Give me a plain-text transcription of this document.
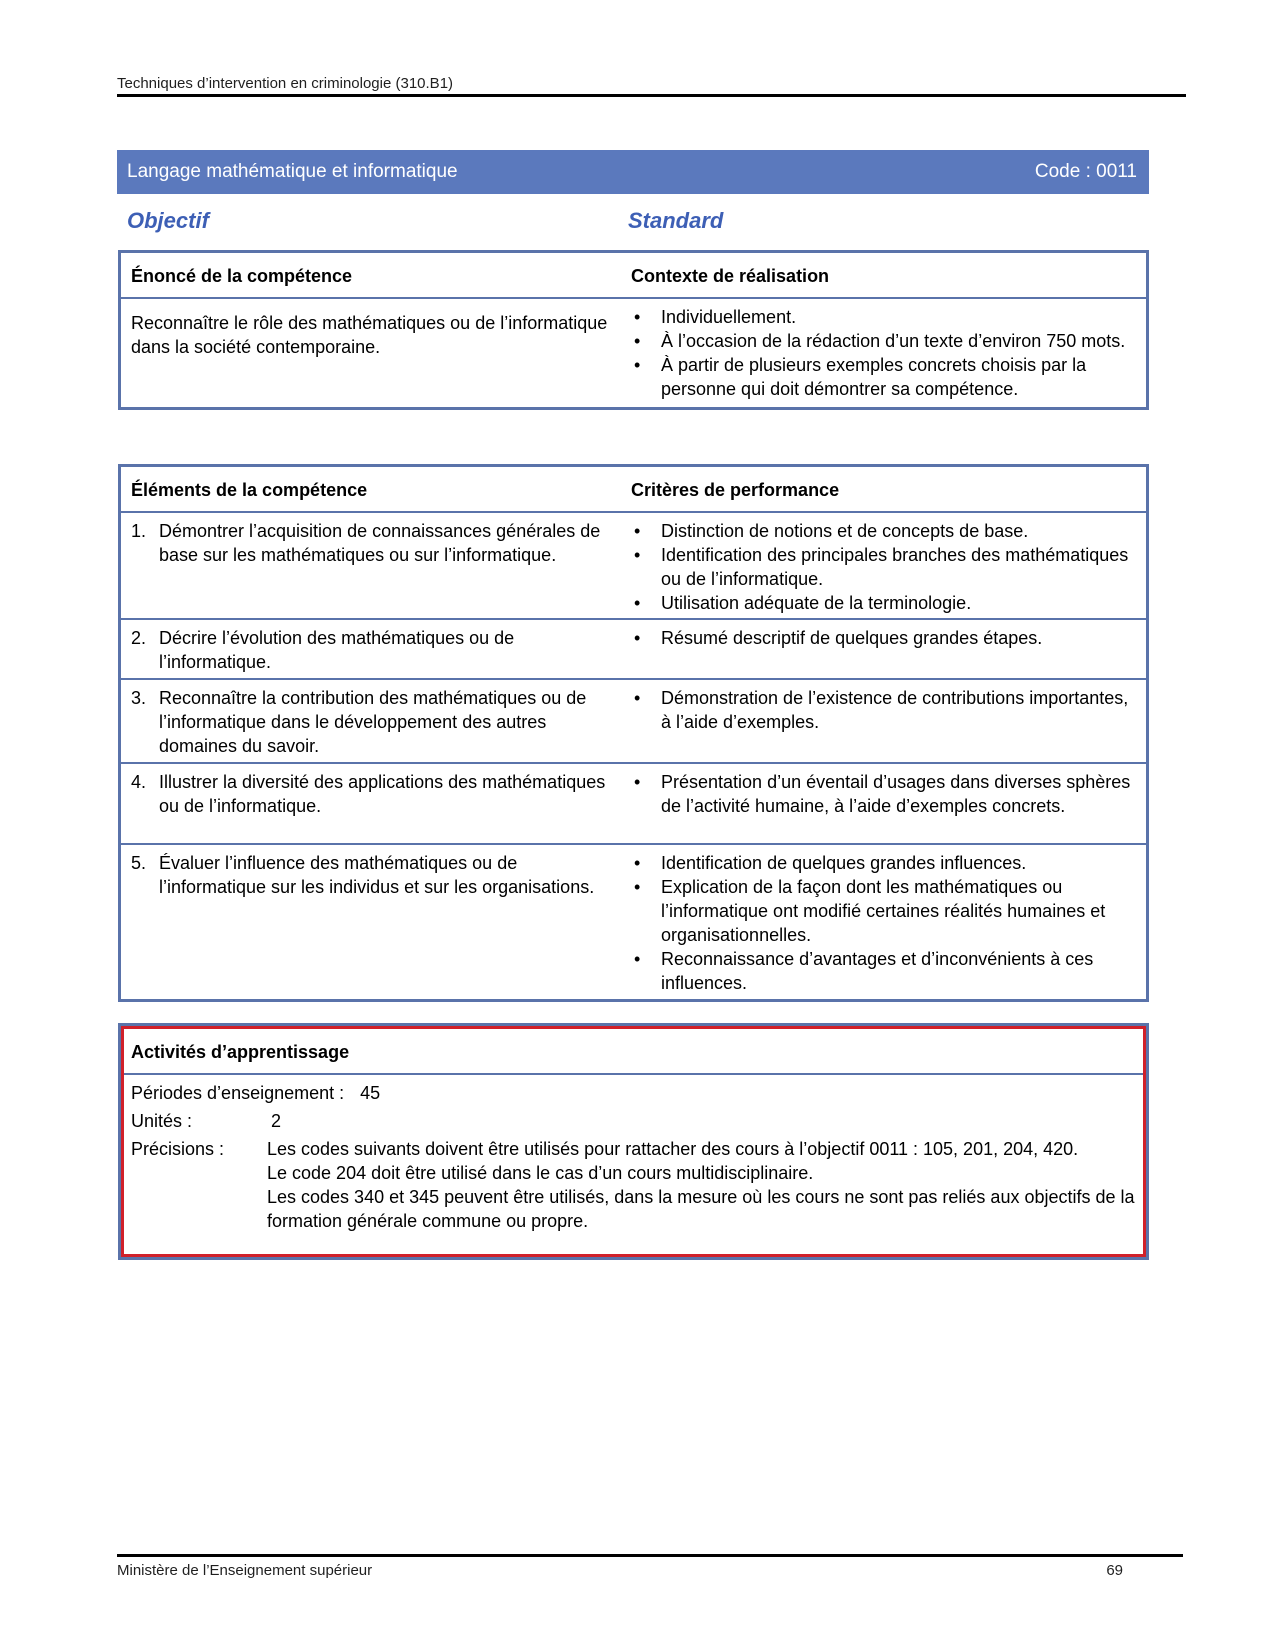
Techniques d’intervention en criminologie (310.B1)
Langage mathématique et informatique	Code : 0011
Objectif	Standard
Énoncé de la compétence	Contexte de réalisation
Reconnaître le rôle des mathématiques ou de l’informatique dans la société contemporaine.
• Individuellement.
• À l’occasion de la rédaction d’un texte d’environ 750 mots.
• À partir de plusieurs exemples concrets choisis par la personne qui doit démontrer sa compétence.
Éléments de la compétence	Critères de performance
1. Démontrer l’acquisition de connaissances générales de base sur les mathématiques ou sur l’informatique.
• Distinction de notions et de concepts de base.
• Identification des principales branches des mathématiques ou de l’informatique.
• Utilisation adéquate de la terminologie.
2. Décrire l’évolution des mathématiques ou de l’informatique.
• Résumé descriptif de quelques grandes étapes.
3. Reconnaître la contribution des mathématiques ou de l’informatique dans le développement des autres domaines du savoir.
• Démonstration de l’existence de contributions importantes, à l’aide d’exemples.
4. Illustrer la diversité des applications des mathématiques ou de l’informatique.
• Présentation d’un éventail d’usages dans diverses sphères de l’activité humaine, à l’aide d’exemples concrets.
5. Évaluer l’influence des mathématiques ou de l’informatique sur les individus et sur les organisations.
• Identification de quelques grandes influences.
• Explication de la façon dont les mathématiques ou l’informatique ont modifié certaines réalités humaines et organisationnelles.
• Reconnaissance d’avantages et d’inconvénients à ces influences.
Activités d’apprentissage
Périodes d’enseignement : 45
Unités :	2
Précisions :	Les codes suivants doivent être utilisés pour rattacher des cours à l’objectif 0011 : 105, 201, 204, 420.
Le code 204 doit être utilisé dans le cas d’un cours multidisciplinaire.
Les codes 340 et 345 peuvent être utilisés, dans la mesure où les cours ne sont pas reliés aux objectifs de la formation générale commune ou propre.
Ministère de l’Enseignement supérieur	69
